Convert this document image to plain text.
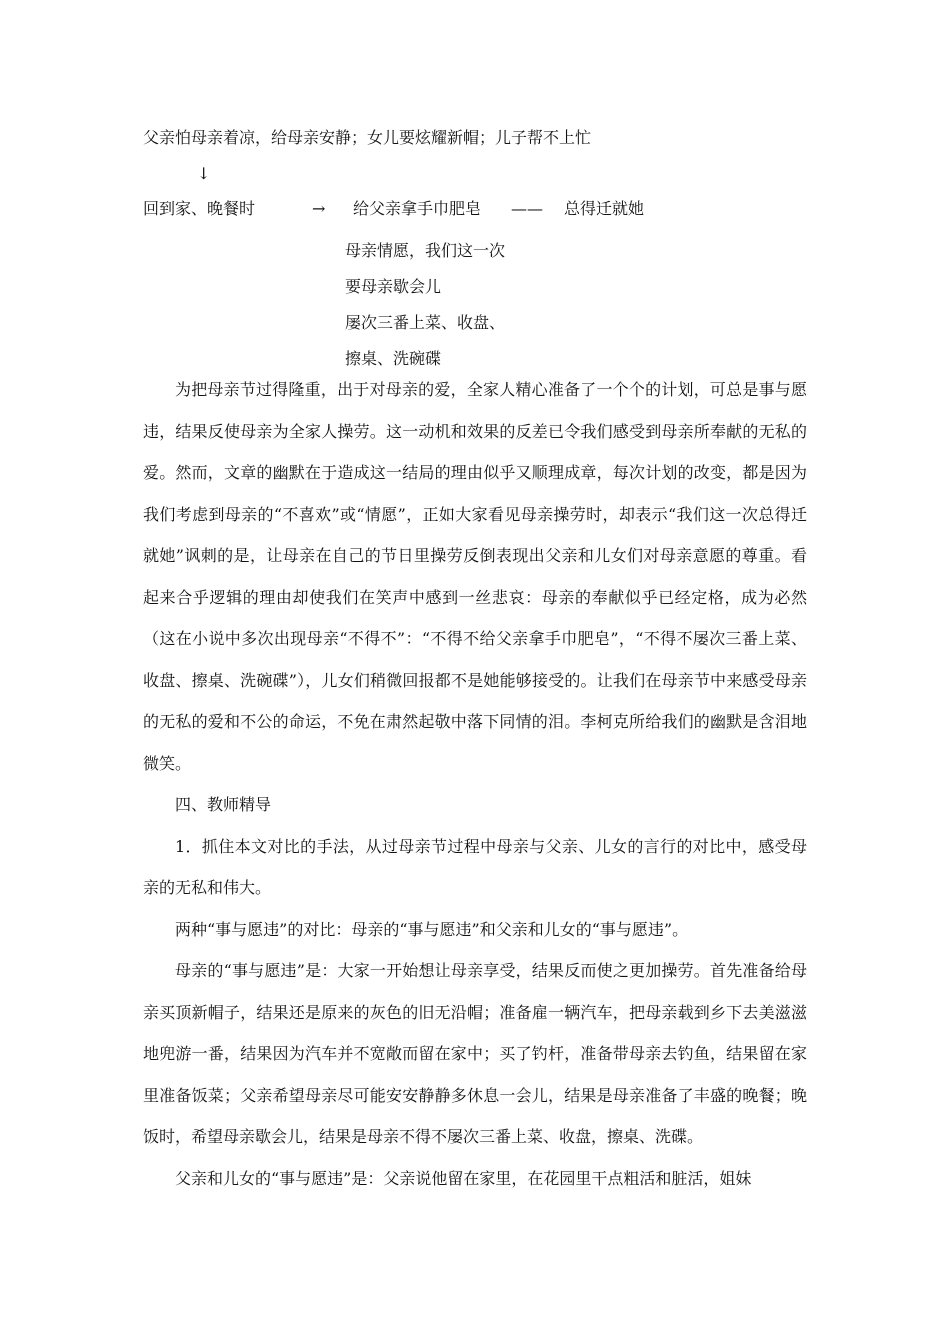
父亲怕母亲着凉，给母亲安静；女儿要炫耀新帽；儿子帮不上忙
↓
回到家、晚餐时	→ 给父亲拿手巾肥皂 —— 总得迁就她
母亲情愿，我们这一次
要母亲歇会儿
屡次三番上菜、收盘、
擦桌、洗碗碟

为把母亲节过得隆重，出于对母亲的爱，全家人精心准备了一个个的计划，可总是事与愿违，结果反使母亲为全家人操劳。这一动机和效果的反差已令我们感受到母亲所奉献的无私的爱。然而，文章的幽默在于造成这一结局的理由似乎又顺理成章，每次计划的改变，都是因为我们考虑到母亲的“不喜欢”或“情愿”，正如大家看见母亲操劳时，却表示“我们这一次总得迁就她”讽刺的是，让母亲在自己的节日里操劳反倒表现出父亲和儿女们对母亲意愿的尊重。看起来合乎逻辑的理由却使我们在笑声中感到一丝悲哀：母亲的奉献似乎已经定格，成为必然（这在小说中多次出现母亲“不得不”：“不得不给父亲拿手巾肥皂”，“不得不屡次三番上菜、收盘、擦桌、洗碗碟”），儿女们稍微回报都不是她能够接受的。让我们在母亲节中来感受母亲的无私的爱和不公的命运，不免在肃然起敬中落下同情的泪。李柯克所给我们的幽默是含泪地微笑。

四、教师精导

1．抓住本文对比的手法，从过母亲节过程中母亲与父亲、儿女的言行的对比中，感受母亲的无私和伟大。

两种“事与愿违”的对比：母亲的“事与愿违”和父亲和儿女的“事与愿违”。

母亲的“事与愿违”是：大家一开始想让母亲享受，结果反而使之更加操劳。首先准备给母亲买顶新帽子，结果还是原来的灰色的旧无沿帽；准备雇一辆汽车，把母亲载到乡下去美滋滋地兜游一番，结果因为汽车并不宽敞而留在家中；买了钓杆，准备带母亲去钓鱼，结果留在家里准备饭菜；父亲希望母亲尽可能安安静静多休息一会儿，结果是母亲准备了丰盛的晚餐；晚饭时，希望母亲歇会儿，结果是母亲不得不屡次三番上菜、收盘，擦桌、洗碟。

父亲和儿女的“事与愿违”是：父亲说他留在家里，在花园里干点粗活和脏活，姐妹
